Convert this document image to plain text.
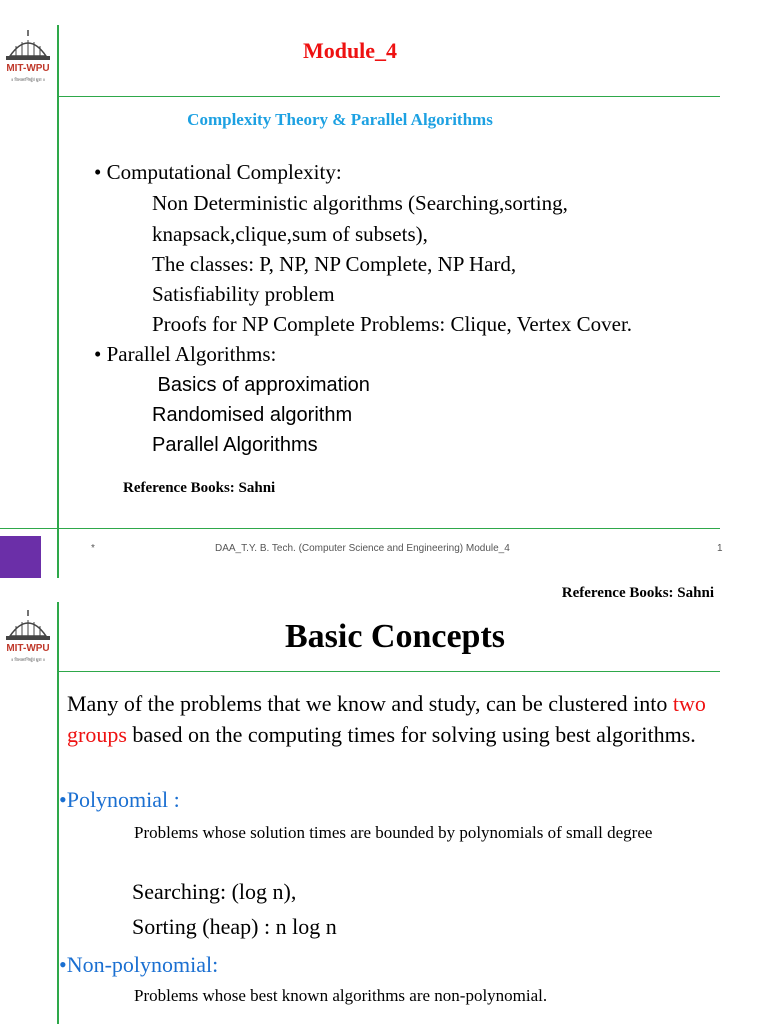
MIT-WPU
॥ विश्वशान्तिर्ध्रुवं ध्रुवा ॥
Module_4
Complexity Theory & Parallel Algorithms
• Computational Complexity:
Non Deterministic algorithms (Searching,sorting,
knapsack,clique,sum of subsets),
The classes: P, NP, NP Complete, NP Hard,
Satisfiability problem
Proofs for NP Complete Problems: Clique, Vertex Cover.
• Parallel Algorithms:
Basics of approximation
Randomised algorithm
Parallel Algorithms
Reference Books: Sahni
*	DAA_T.Y. B. Tech. (Computer Science and Engineering) Module_4	1
Reference Books: Sahni
MIT-WPU
॥ विश्वशान्तिर्ध्रुवं ध्रुवा ॥
Basic Concepts
Many of the problems that we know and study, can be clustered into two groups based on the computing times for solving using best algorithms.
•Polynomial :
Problems whose solution times are bounded by polynomials of small degree
Searching: (log n),
Sorting (heap) : n log n
•Non-polynomial:
Problems whose best known algorithms are non-polynomial.
